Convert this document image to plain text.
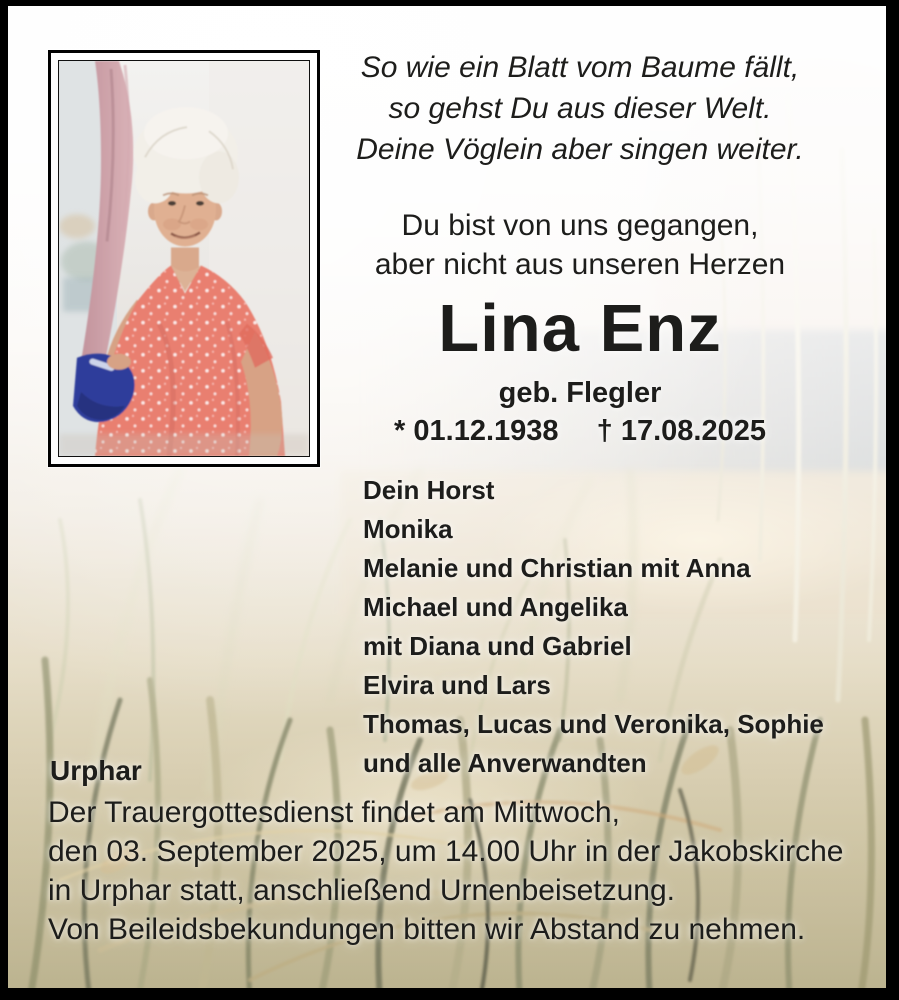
So wie ein Blatt vom Baume fällt,
so gehst Du aus dieser Welt.
Deine Vöglein aber singen weiter.
Du bist von uns gegangen,
aber nicht aus unseren Herzen
Lina Enz
geb. Flegler
* 01.12.1938 † 17.08.2025
Dein Horst
Monika
Melanie und Christian mit Anna
Michael und Angelika
mit Diana und Gabriel
Elvira und Lars
Thomas, Lucas und Veronika, Sophie
und alle Anverwandten
Urphar
Der Trauergottesdienst findet am Mittwoch,
den 03. September 2025, um 14.00 Uhr in der Jakobskirche
in Urphar statt, anschließend Urnenbeisetzung.
Von Beileidsbekundungen bitten wir Abstand zu nehmen.
